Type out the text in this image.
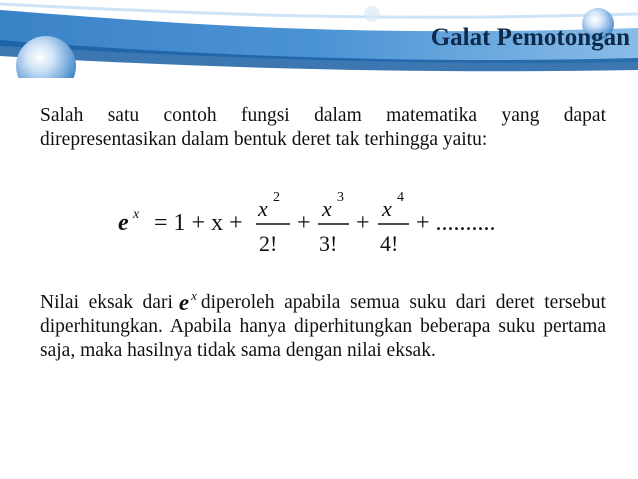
Galat Pemotongan

Salah satu contoh fungsi dalam matematika yang dapat direpresentasikan dalam bentuk deret tak terhingga yaitu:

e x = 1 + x +
x 2
2!
+
x 3
3!
+
x 4
4!
+ ..........

Nilai eksak dari e $^x$ diperoleh apabila semua suku dari deret tersebut diperhitungkan. Apabila hanya diperhitungkan beberapa suku pertama saja, maka hasilnya tidak sama dengan nilai eksak.
